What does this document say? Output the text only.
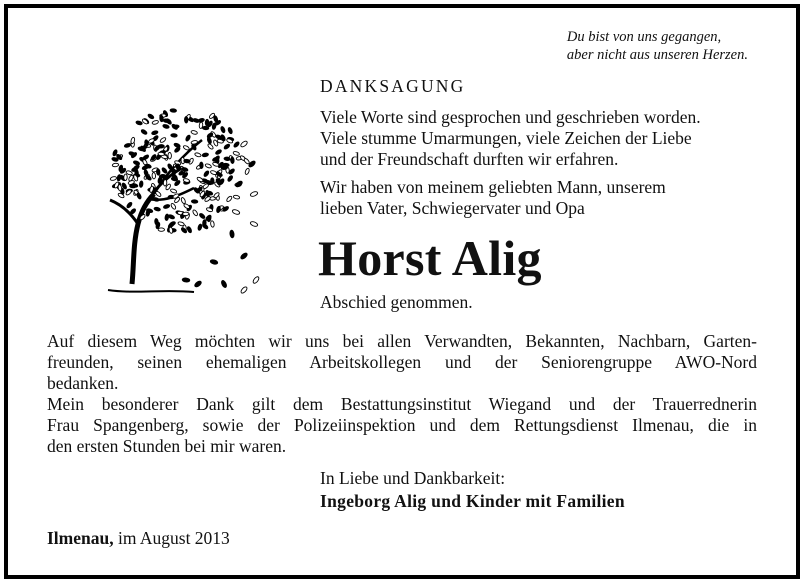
Du bist von uns gegangen,
aber nicht aus unseren Herzen.
DANKSAGUNG
Viele Worte sind gesprochen und geschrieben worden.
Viele stumme Umarmungen, viele Zeichen der Liebe
und der Freundschaft durften wir erfahren.
Wir haben von meinem geliebten Mann, unserem
lieben Vater, Schwiegervater und Opa
Horst Alig
Abschied genommen.
Auf diesem Weg möchten wir uns bei allen Verwandten, Bekannten, Nachbarn, Garten-
freunden, seinen ehemaligen Arbeitskollegen und der Seniorengruppe AWO-Nord
bedanken.
Mein besonderer Dank gilt dem Bestattungsinstitut Wiegand und der Trauerrednerin
Frau Spangenberg, sowie der Polizeiinspektion und dem Rettungsdienst Ilmenau, die in
den ersten Stunden bei mir waren.
In Liebe und Dankbarkeit:
Ingeborg Alig und Kinder mit Familien
Ilmenau, im August 2013
